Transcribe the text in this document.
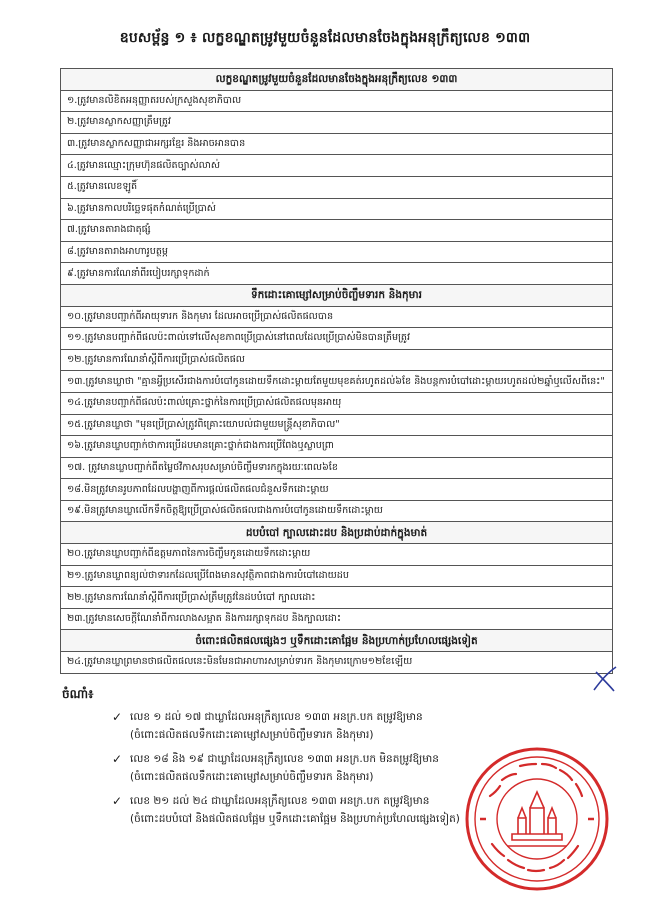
ឧបសម្ព័ន្ធ ១ ៖ លក្ខខណ្ឌតម្រូវមួយចំនួនដែលមានចែងក្នុងអនុក្រឹត្យលេខ ១៣៣
លក្ខខណ្ឌតម្រូវមួយចំនួនដែលមានចែងក្នុងអនុក្រឹត្យលេខ ១៣៣
១.ត្រូវមានលិខិតអនុញ្ញាតរបស់ក្រសួងសុខាភិបាល
២.ត្រូវមានស្លាកសញ្ញាត្រឹមត្រូវ
៣.ត្រូវមានស្លាកសញ្ញាជាអក្សរខ្មែរ និងអាចអានបាន
៤.ត្រូវមានឈ្មោះក្រុមហ៊ុនផលិតច្បាស់លាស់
៥.ត្រូវមានលេខឡូតិ៍
៦.ត្រូវមានកាលបរិច្ឆេទផុតកំណត់ប្រើប្រាស់
៧.ត្រូវមានតារាងជាតុផ្សំ
៨.ត្រូវមានតារាងអាហារូបត្ថម្ភ
៩.ត្រូវមានការណែនាំពីរបៀបរក្សាទុកដាក់
ទឹកដោះគោម្សៅសម្រាប់ចិញ្ចឹមទារក និងកុមារ
១០.ត្រូវមានបញ្ជាក់ពីអាយុទារក និងកុមារ ដែលអាចប្រើប្រាស់ផលិតផលបាន
១១.ត្រូវមានបញ្ជាក់ពីផលប៉ះពាល់ទៅលើសុខភាពប្រើប្រាស់នៅពេលដែលប្រើប្រាស់មិនបានត្រឹមត្រូវ
១២.ត្រូវមានការណែនាំស្តីពីការប្រើប្រាស់ផលិតផល
១៣.ត្រូវមានឃ្លាថា "គ្មានអ្វីប្រសើរជាងការបំបៅកូនដោយទឹកដោះម្តាយតែមួយមុខគត់រហូតដល់៦ខែ និងបន្តការបំបៅដោះម្តាយរហូតដល់២ឆ្នាំឬលើសពីនេះ"
១៤.ត្រូវមានបញ្ជាក់ពីផលប៉ះពាល់គ្រោះថ្នាក់នៃការប្រើប្រាស់ផលិតផលមុនអាយុ
១៥.ត្រូវមានឃ្លាថា "មុនប្រើប្រាស់ត្រូវពិគ្រោះយោបល់ជាមួយមន្ត្រីសុខាភិបាល"
១៦.ត្រូវមានឃ្លាបញ្ជាក់ថាការប្រើដបមានគ្រោះថ្នាក់ជាងការប្រើពែងឬស្លាបព្រា
១៧. ត្រូវមានឃ្លាបញ្ជាក់ពីតម្លៃថវិកាសរុបសម្រាប់ចិញ្ចឹមទារកក្នុងរយៈពេល៦ខែ
១៨.មិនត្រូវមានរូបភាពដែលបង្ហាញពីការផ្តល់ផលិតផលជំនួសទឹកដោះម្តាយ
១៩.មិនត្រូវមានឃ្លាលើកទឹកចិត្តឱ្យប្រើប្រាស់ផលិតផលជាងការបំបៅកូនដោយទឹកដោះម្តាយ
ដបបំបៅ ក្បាលដោះដប និងប្រដាប់ដាក់ក្នុងមាត់
២០.ត្រូវមានឃ្លាបញ្ជាក់ពីឧត្តមភាពនៃការចិញ្ចឹមកូនដោយទឹកដោះម្តាយ
២១.ត្រូវមានឃ្លាពន្យល់ថាទារកដែលប្រើពែងមានសុវត្ថិភាពជាងការបំបៅដោយដប
២២.ត្រូវមានការណែនាំស្តីពីការប្រើប្រាស់ត្រឹមត្រូវនៃដបបំបៅ ក្បាលដោះ
២៣.ត្រូវមានសេចក្តីណែនាំពីការលាងសម្អាត និងការរក្សាទុកដប និងក្បាលដោះ
ចំពោះផលិតផលផ្សេងៗ ឬទឹកដោះគោផ្អែម និងប្រហាក់ប្រហែលផ្សេងទៀត
២៤.ត្រូវមានឃ្លាព្រមានថាផលិតផលនេះមិនមែនជាអាហារសម្រាប់ទារក និងកុមារក្រោម១២ខែឡើយ
ចំណាំ៖
✓ លេខ ១ ដល់ ១៧ ជាឃ្លាដែលអនុក្រឹត្យលេខ ១៣៣ អនក្រ.បក តម្រូវឱ្យមាន
(ចំពោះផលិតផលទឹកដោះគោម្សៅសម្រាប់ចិញ្ចឹមទារក និងកុមារ)
✓ លេខ ១៨ និង ១៩ ជាឃ្លាដែលអនុក្រឹត្យលេខ ១៣៣ អនក្រ.បក មិនតម្រូវឱ្យមាន
(ចំពោះផលិតផលទឹកដោះគោម្សៅសម្រាប់ចិញ្ចឹមទារក និងកុមារ)
✓ លេខ ២១ ដល់ ២៤ ជាឃ្លាដែលអនុក្រឹត្យលេខ ១៣៣ អនក្រ.បក តម្រូវឱ្យមាន
(ចំពោះដបបំបៅ និងផលិតផលផ្អែម ឬទឹកដោះគោផ្អែម និងប្រហាក់ប្រហែលផ្សេងទៀត)
